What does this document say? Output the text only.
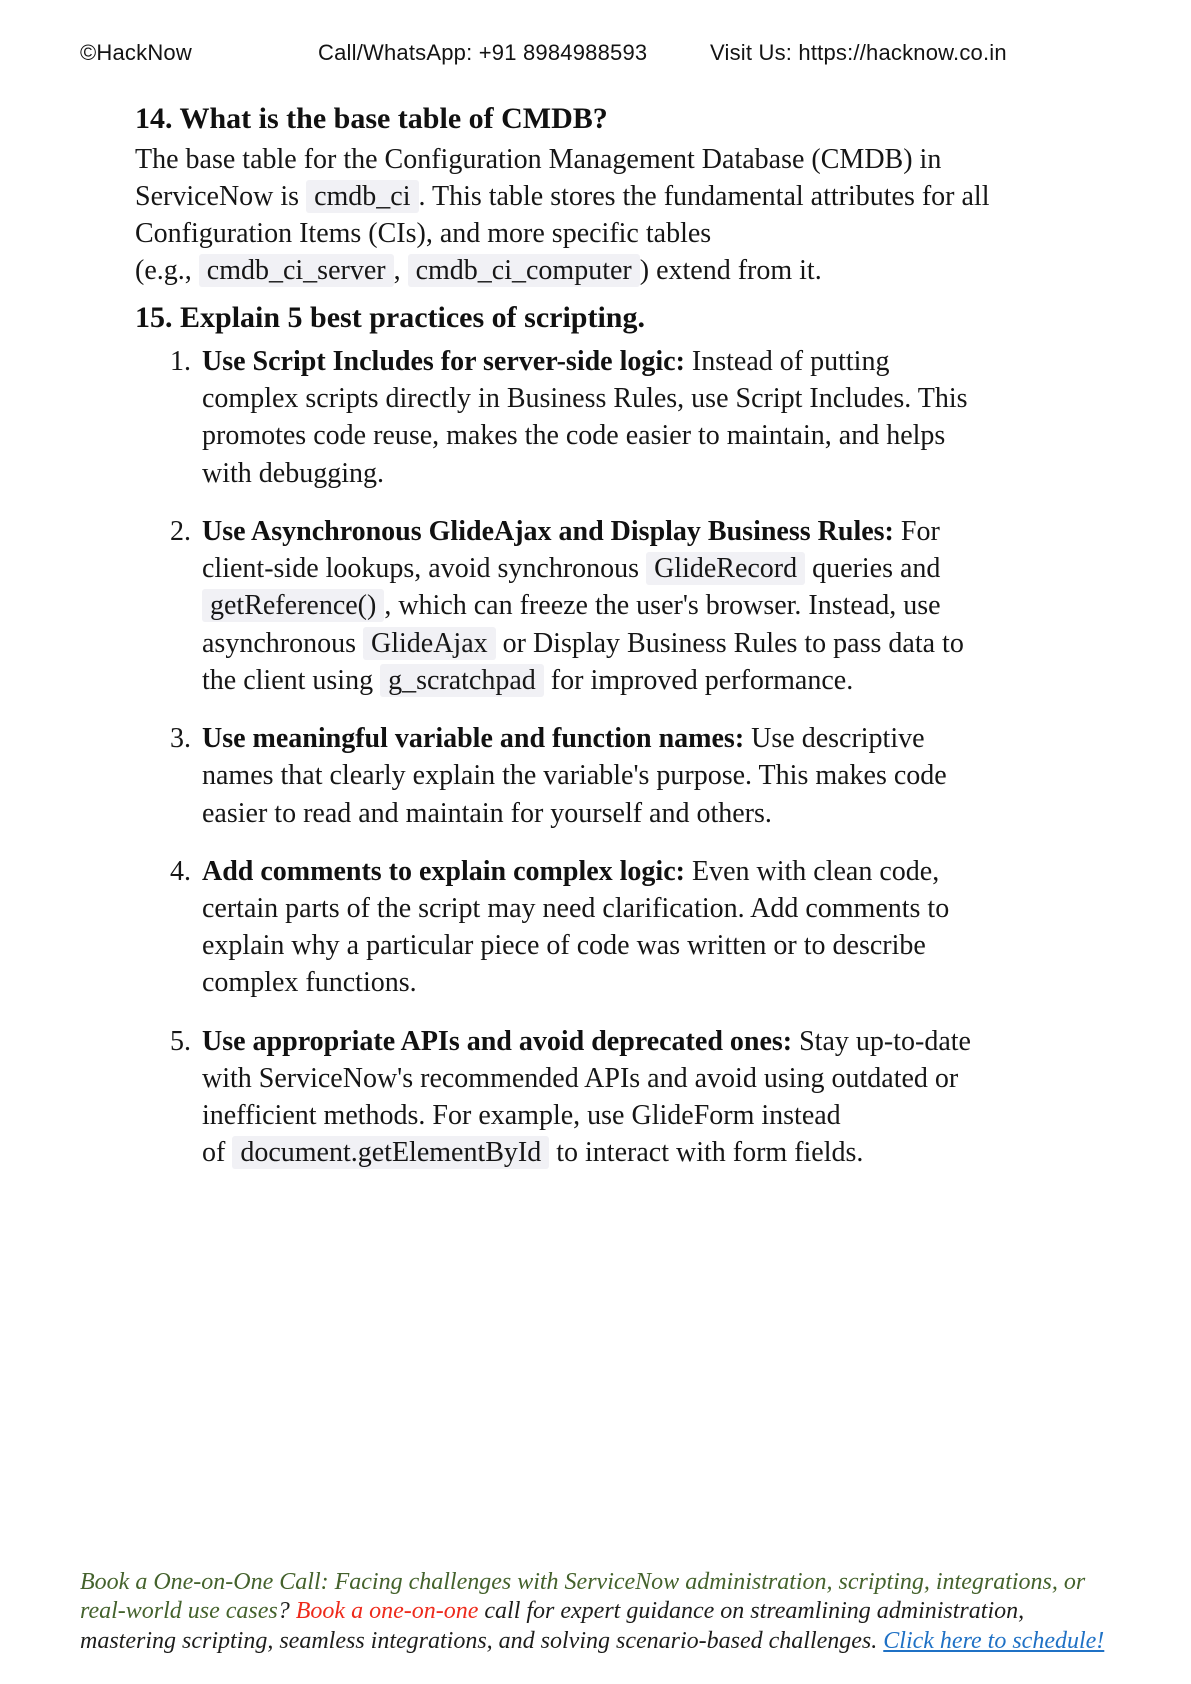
©HackNow	Call/WhatsApp: +91 8984988593	Visit Us: https://hacknow.co.in
14. What is the base table of CMDB?

The base table for the Configuration Management Database (CMDB) in ServiceNow is cmdb_ci . This table stores the fundamental attributes for all Configuration Items (CIs), and more specific tables
(e.g., cmdb_ci_server , cmdb_ci_computer ) extend from it.

15. Explain 5 best practices of scripting.
1. Use Script Includes for server-side logic: Instead of putting complex scripts directly in Business Rules, use Script Includes. This promotes code reuse, makes the code easier to maintain, and helps with debugging.
2. Use Asynchronous GlideAjax and Display Business Rules: For client-side lookups, avoid synchronous GlideRecord queries and getReference() , which can freeze the user's browser. Instead, use asynchronous GlideAjax or Display Business Rules to pass data to the client using g_scratchpad for improved performance.
3. Use meaningful variable and function names: Use descriptive names that clearly explain the variable's purpose. This makes code easier to read and maintain for yourself and others.
4. Add comments to explain complex logic: Even with clean code, certain parts of the script may need clarification. Add comments to explain why a particular piece of code was written or to describe complex functions.
5. Use appropriate APIs and avoid deprecated ones: Stay up-to-date with ServiceNow's recommended APIs and avoid using outdated or inefficient methods. For example, use GlideForm instead
of document.getElementById to interact with form fields.
Book a One-on-One Call: Facing challenges with ServiceNow administration, scripting, integrations, or real-world use cases? Book a one-on-one call for expert guidance on streamlining administration, mastering scripting, seamless integrations, and solving scenario-based challenges. Click here to schedule!
